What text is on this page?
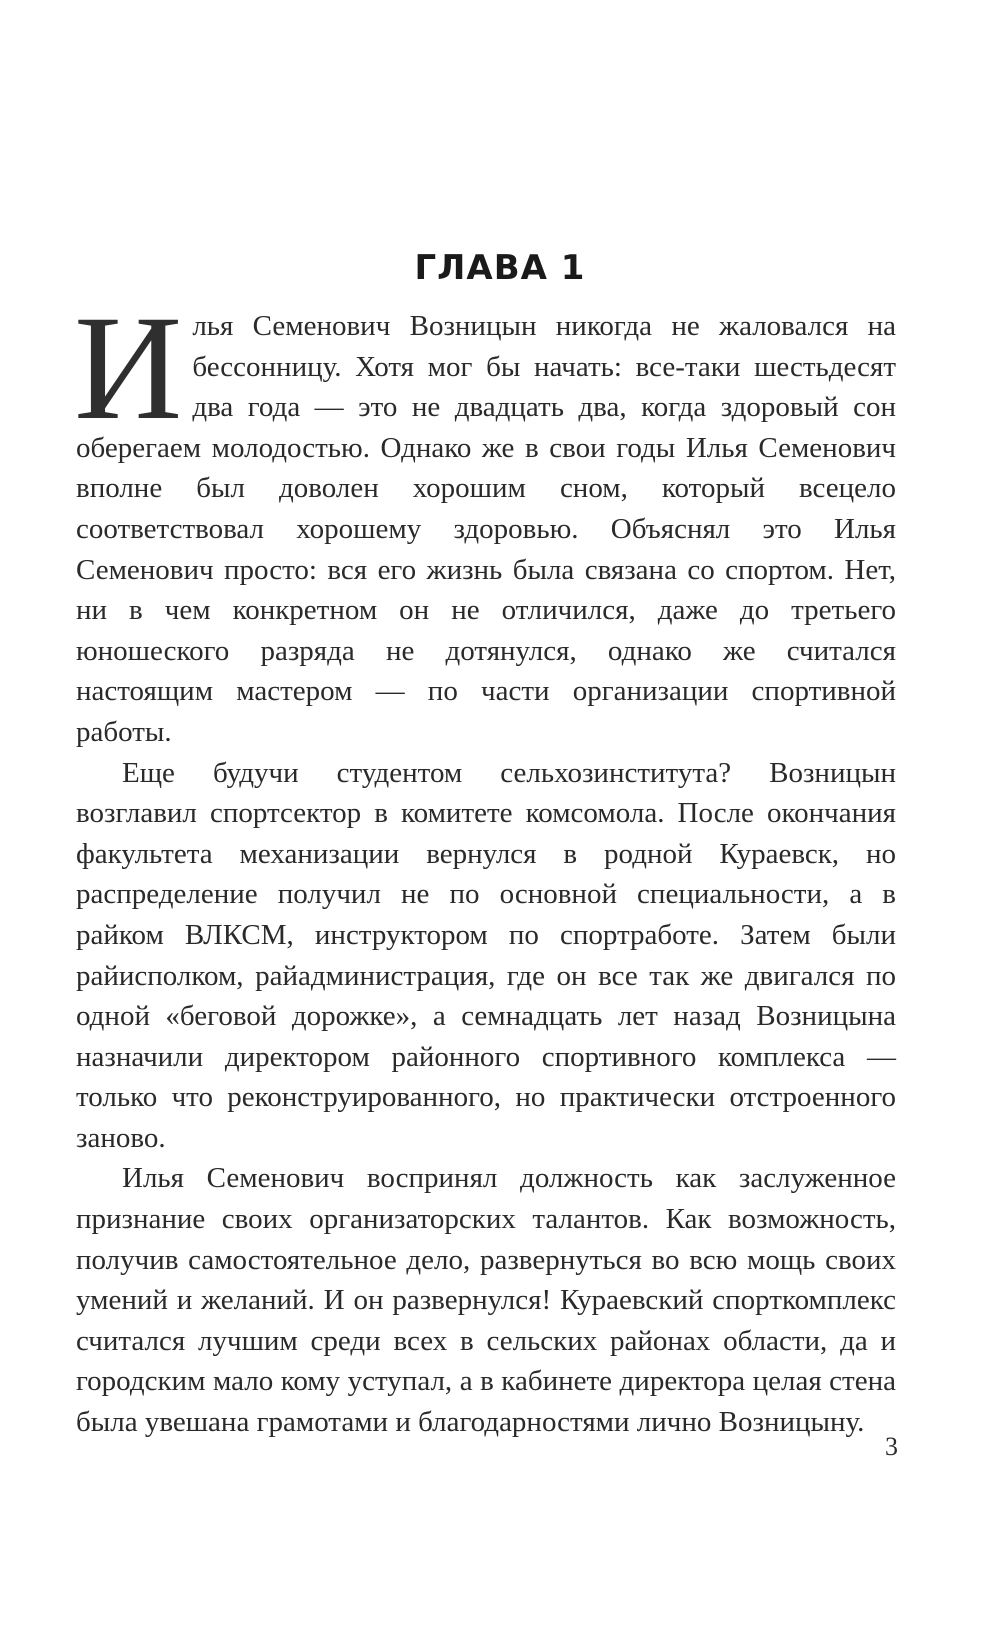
ГЛАВА 1

Илья Семенович Возницын никогда не жаловался на бессонницу. Хотя мог бы начать: все-таки шестьдесят два года — это не двадцать два, когда здоровый сон оберегаем молодостью. Однако же в свои годы Илья Семенович вполне был доволен хорошим сном, который всецело соответствовал хорошему здоровью. Объяснял это Илья Семенович просто: вся его жизнь была связана со спортом. Нет, ни в чем конкретном он не отличился, даже до третьего юношеского разряда не дотянулся, однако же считался настоящим мастером — по части организации спортивной работы.

Еще будучи студентом сельхозинститута? Возницын возглавил спортсектор в комитете комсомола. После окончания факультета механизации вернулся в родной Кураевск, но распределение получил не по основной специальности, а в райком ВЛКСМ, инструктором по спортработе. Затем были райисполком, райадминистрация, где он все так же двигался по одной «беговой дорожке», а семнадцать лет назад Возницына назначили директором районного спортивного комплекса — только что реконструированного, но практически отстроенного заново.

Илья Семенович воспринял должность как заслуженное признание своих организаторских талантов. Как возможность, получив самостоятельное дело, развернуться во всю мощь своих умений и желаний. И он развернулся! Кураевский спорткомплекс считался лучшим среди всех в сельских районах области, да и городским мало кому уступал, а в кабинете директора целая стена была увешана грамотами и благодарностями лично Возницыну.

3
